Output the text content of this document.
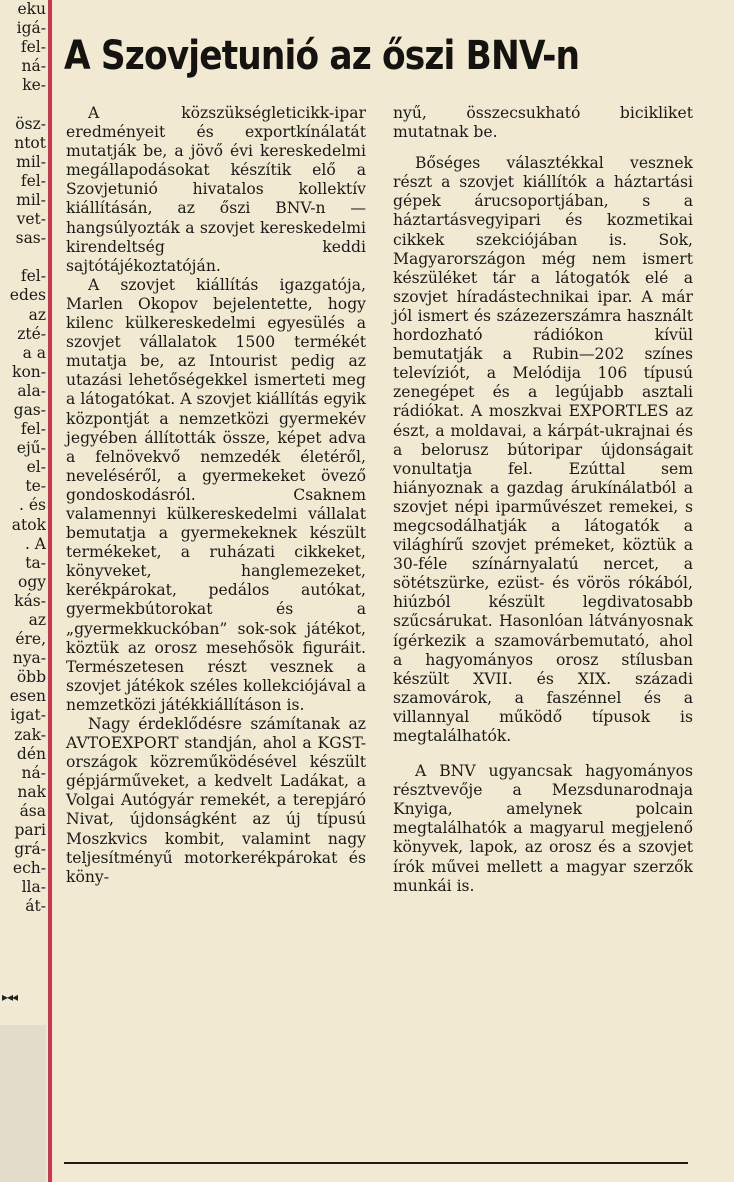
eku
igá-
fel-
ná-
ke-

ösz-
ntot
mil-
fel-
mil-
vet-
sas-

fel-
edes
az
zté-
a a
kon-
ala-
gas-
fel-
ejű-
el-
te-
. és
atok
. A
ta-
ogy
kás-
az
ére,
nya-
öbb
esen
igat-
zak-
dén
ná-
nak
ása
pari
grá-
ech-
lla-
át-
▸◂◂
A Szovjetunió az őszi BNV-n

A közszükségleticikk-ipar eredményeit és exportkínálatát mutatják be, a jövő évi kereskedelmi megállapodásokat készítik elő a Szovjetunió hivatalos kollektív kiállításán, az őszi BNV-n — hangsúlyozták a szovjet kereskedelmi kirendeltség keddi sajtótájékoztatóján.

A szovjet kiállítás igazgatója, Marlen Okopov bejelentette, hogy kilenc külkereskedelmi egyesülés a szovjet vállalatok 1500 termékét mutatja be, az Intourist pedig az utazási lehetőségekkel ismerteti meg a látogatókat. A szovjet kiállítás egyik központját a nemzetközi gyermekév jegyében állították össze, képet adva a felnövekvő nemzedék életéről, neveléséről, a gyermekeket övező gondoskodásról. Csaknem valamennyi külkereskedelmi vállalat bemutatja a gyermekeknek készült termékeket, a ruházati cikkeket, könyveket, hanglemezeket, kerékpárokat, pedálos autókat, gyermekbútorokat és a „gyermekkuckóban” sok-sok játékot, köztük az orosz mesehősök figuráit. Természetesen részt vesznek a szovjet játékok széles kollekciójával a nemzetközi játékkiállításon is.

Nagy érdeklődésre számítanak az AVTOEXPORT standján, ahol a KGST-országok közreműködésével készült gépjárműveket, a kedvelt Ladákat, a Volgai Autógyár remekét, a terepjáró Nivat, újdonságként az új típusú Moszkvics kombit, valamint nagy teljesítményű motorkerékpárokat és köny-

nyű, összecsukható bicikliket mutatnak be.

Bőséges választékkal vesznek részt a szovjet kiállítók a háztartási gépek árucsoportjában, s a háztartásvegyipari és kozmetikai cikkek szekciójában is. Sok, Magyarországon még nem ismert készüléket tár a látogatók elé a szovjet híradástechnikai ipar. A már jól ismert és százezerszámra használt hordozható rádiókon kívül bemutatják a Rubin—202 színes televíziót, a Melódija 106 típusú zenegépet és a legújabb asztali rádiókat. A moszkvai EXPORTLES az észt, a moldavai, a kárpát-ukrajnai és a belorusz bútoripar újdonságait vonultatja fel. Ezúttal sem hiányoznak a gazdag árukínálatból a szovjet népi iparművészet remekei, s megcsodálhatják a látogatók a világhírű szovjet prémeket, köztük a 30-féle színárnyalatú nercet, a sötétszürke, ezüst- és vörös rókából, hiúzból készült legdivatosabb szűcsárukat. Hasonlóan látványosnak ígérkezik a szamovárbemutató, ahol a hagyományos orosz stílusban készült XVII. és XIX. századi szamovárok, a faszénnel és a villannyal működő típusok is megtalálhatók.

A BNV ugyancsak hagyományos résztvevője a Mezsdunarodnaja Knyiga, amelynek polcain megtalálhatók a magyarul megjelenő könyvek, lapok, az orosz és a szovjet írók művei mellett a magyar szerzők munkái is.
